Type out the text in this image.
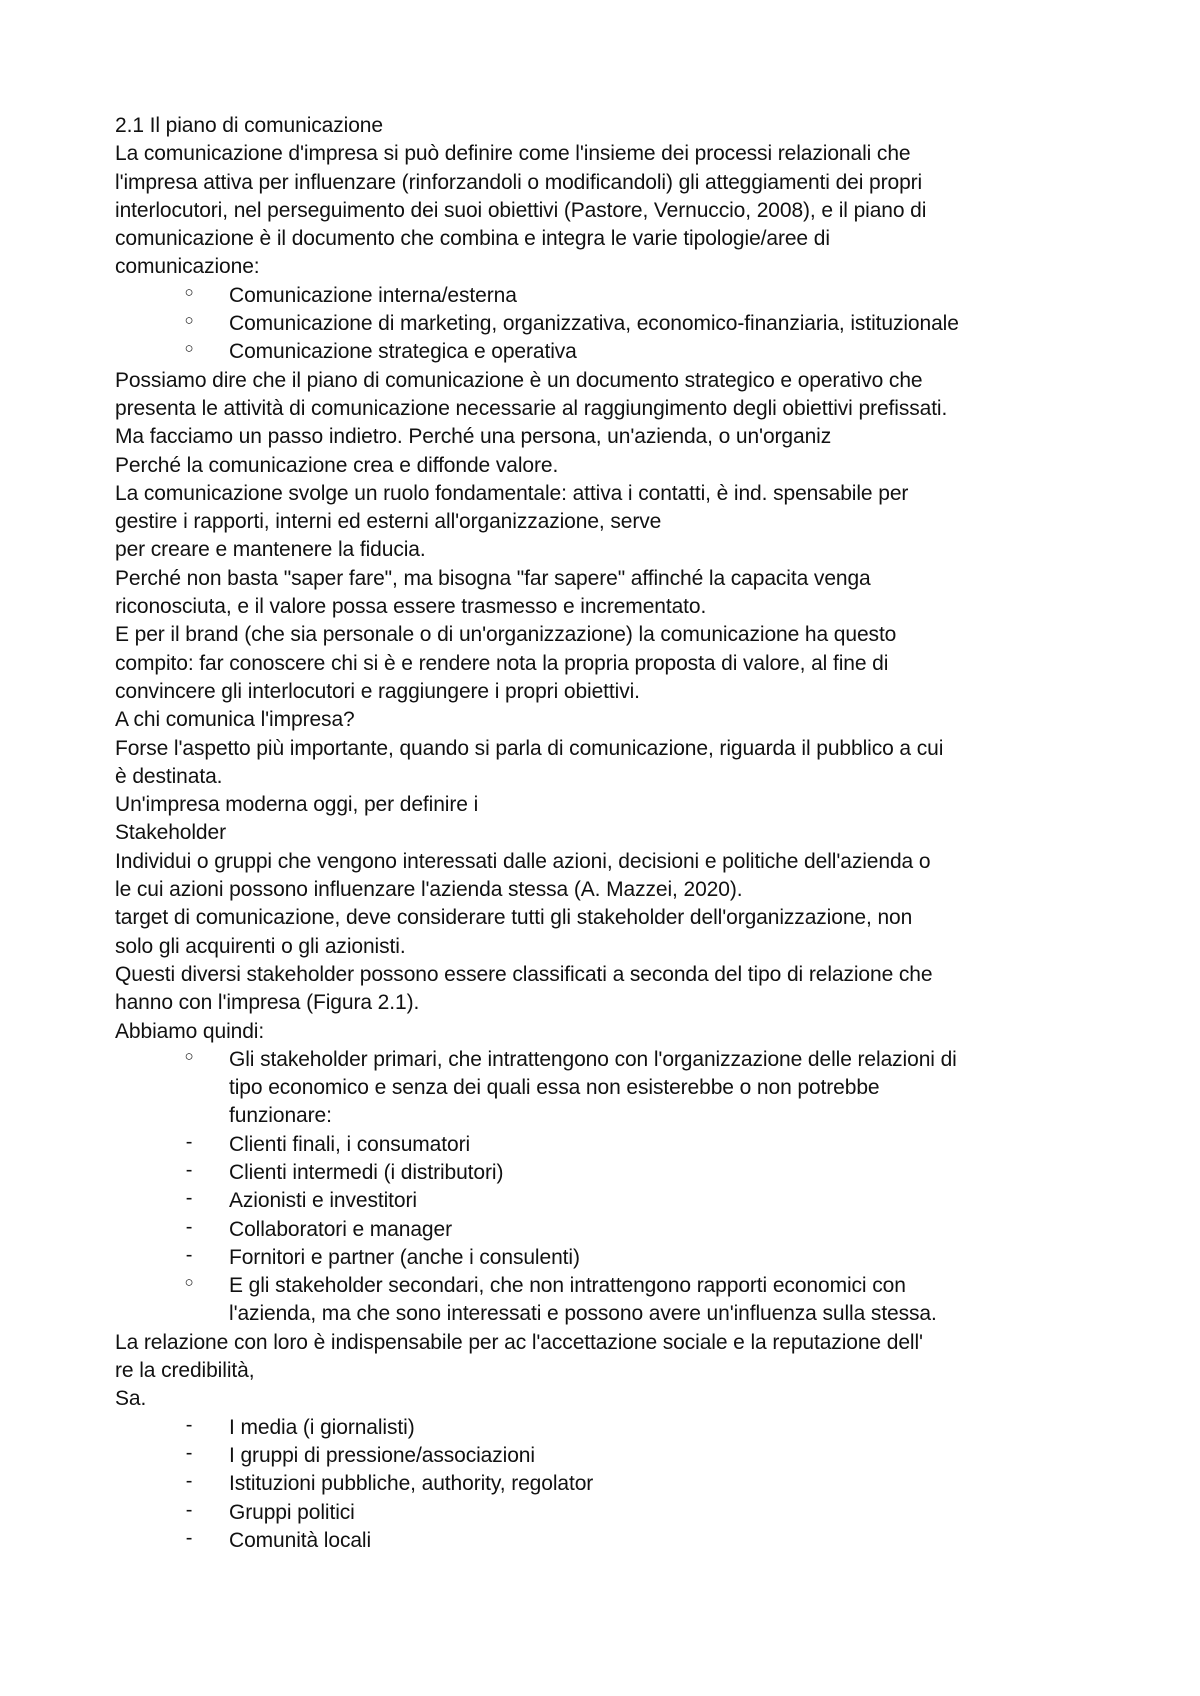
2.1 Il piano di comunicazione
La comunicazione d'impresa si può definire come l'insieme dei processi relazionali che
l'impresa attiva per influenzare (rinforzandoli o modificandoli) gli atteggiamenti dei propri
interlocutori, nel perseguimento dei suoi obiettivi (Pastore, Vernuccio, 2008), e il piano di
comunicazione è il documento che combina e integra le varie tipologie/aree di
comunicazione:
○ Comunicazione interna/esterna
○ Comunicazione di marketing, organizzativa, economico-finanziaria, istituzionale
○ Comunicazione strategica e operativa
Possiamo dire che il piano di comunicazione è un documento strategico e operativo che
presenta le attività di comunicazione necessarie al raggiungimento degli obiettivi prefissati.
Ma facciamo un passo indietro. Perché una persona, un'azienda, o un'organiz
Perché la comunicazione crea e diffonde valore.
La comunicazione svolge un ruolo fondamentale: attiva i contatti, è ind. spensabile per
gestire i rapporti, interni ed esterni all'organizzazione, serve
per creare e mantenere la fiducia.
Perché non basta "saper fare", ma bisogna "far sapere" affinché la capacita venga
riconosciuta, e il valore possa essere trasmesso e incrementato.
E per il brand (che sia personale o di un'organizzazione) la comunicazione ha questo
compito: far conoscere chi si è e rendere nota la propria proposta di valore, al fine di
convincere gli interlocutori e raggiungere i propri obiettivi.
A chi comunica l'impresa?
Forse l'aspetto più importante, quando si parla di comunicazione, riguarda il pubblico a cui
è destinata.
Un'impresa moderna oggi, per definire i
Stakeholder
Individui o gruppi che vengono interessati dalle azioni, decisioni e politiche dell'azienda o
le cui azioni possono influenzare l'azienda stessa (A. Mazzei, 2020).
target di comunicazione, deve considerare tutti gli stakeholder dell'organizzazione, non
solo gli acquirenti o gli azionisti.
Questi diversi stakeholder possono essere classificati a seconda del tipo di relazione che
hanno con l'impresa (Figura 2.1).
Abbiamo quindi:
○ Gli stakeholder primari, che intrattengono con l'organizzazione delle relazioni di
tipo economico e senza dei quali essa non esisterebbe o non potrebbe
funzionare:
-	Clienti finali, i consumatori
-	Clienti intermedi (i distributori)
-	Azionisti e investitori
-	Collaboratori e manager
-	Fornitori e partner (anche i consulenti)
○ E gli stakeholder secondari, che non intrattengono rapporti economici con
l'azienda, ma che sono interessati e possono avere un'influenza sulla stessa.
La relazione con loro è indispensabile per ac l'accettazione sociale e la reputazione dell'
re la credibilità,
Sa.
-	I media (i giornalisti)
-	I gruppi di pressione/associazioni
-	Istituzioni pubbliche, authority, regolator
-	Gruppi politici
-	Comunità locali
